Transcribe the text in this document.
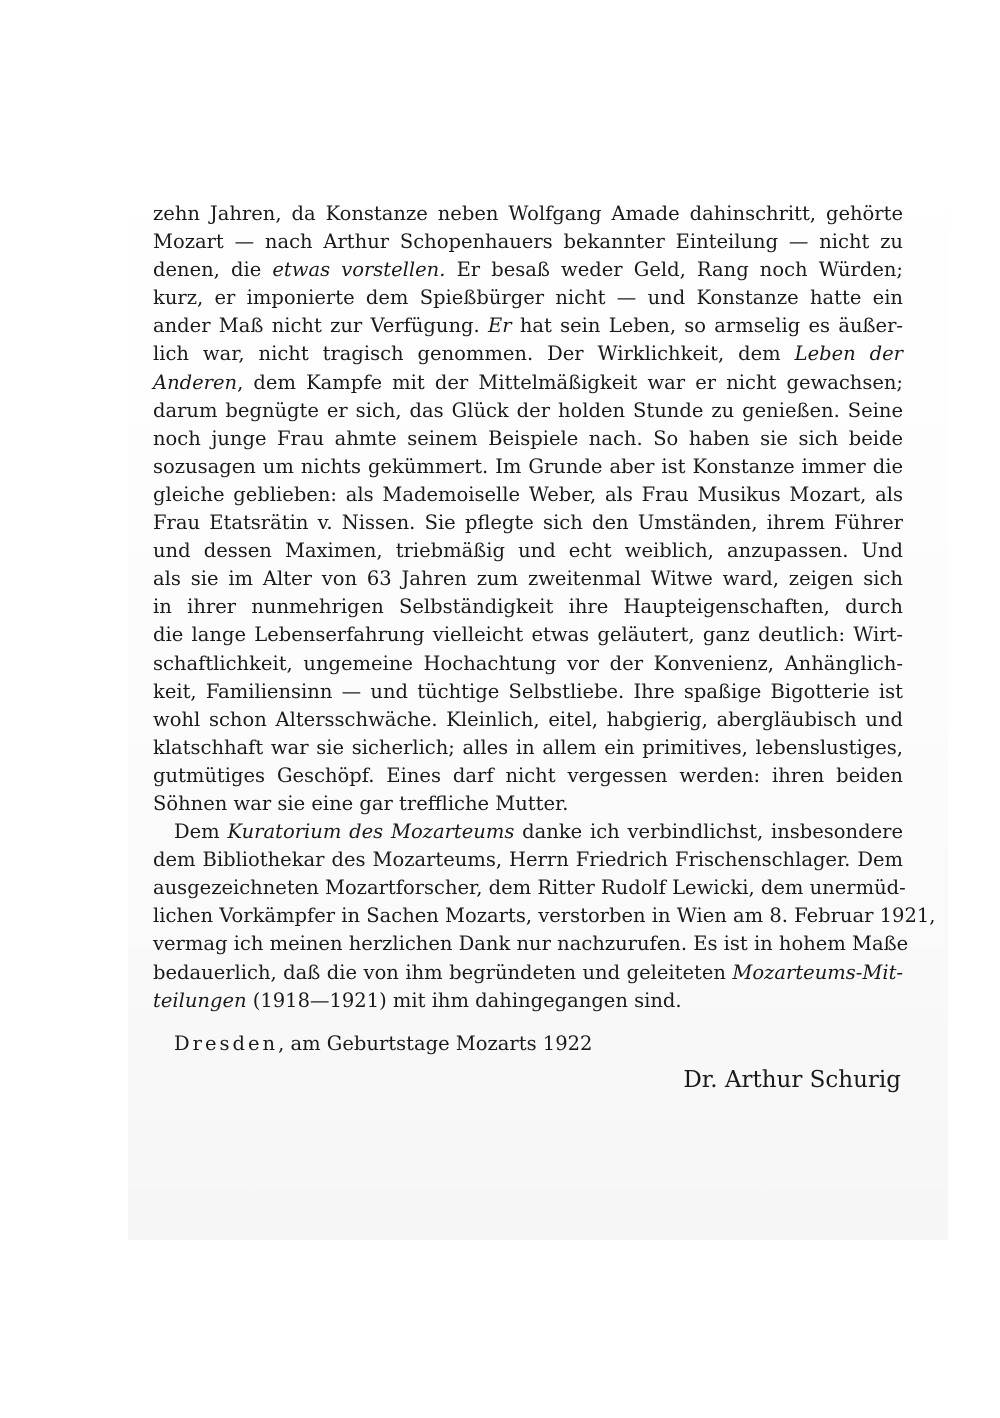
zehn Jahren, da Konstanze neben Wolfgang Amade dahinschritt, gehörte
Mozart — nach Arthur Schopenhauers bekannter Einteilung — nicht zu
denen, die etwas vorstellen. Er besaß weder Geld, Rang noch Würden;
kurz, er imponierte dem Spießbürger nicht — und Konstanze hatte ein
ander Maß nicht zur Verfügung. Er hat sein Leben, so armselig es äußer-
lich war, nicht tragisch genommen. Der Wirklichkeit, dem Leben der
Anderen, dem Kampfe mit der Mittelmäßigkeit war er nicht gewachsen;
darum begnügte er sich, das Glück der holden Stunde zu genießen. Seine
noch junge Frau ahmte seinem Beispiele nach. So haben sie sich beide
sozusagen um nichts gekümmert. Im Grunde aber ist Konstanze immer die
gleiche geblieben: als Mademoiselle Weber, als Frau Musikus Mozart, als
Frau Etatsrätin v. Nissen. Sie pflegte sich den Umständen, ihrem Führer
und dessen Maximen, triebmäßig und echt weiblich, anzupassen. Und
als sie im Alter von 63 Jahren zum zweitenmal Witwe ward, zeigen sich
in ihrer nunmehrigen Selbständigkeit ihre Haupteigenschaften, durch
die lange Lebenserfahrung vielleicht etwas geläutert, ganz deutlich: Wirt-
schaftlichkeit, ungemeine Hochachtung vor der Konvenienz, Anhänglich-
keit, Familiensinn — und tüchtige Selbstliebe. Ihre spaßige Bigotterie ist
wohl schon Altersschwäche. Kleinlich, eitel, habgierig, abergläubisch und
klatschhaft war sie sicherlich; alles in allem ein primitives, lebenslustiges,
gutmütiges Geschöpf. Eines darf nicht vergessen werden: ihren beiden
Söhnen war sie eine gar treffliche Mutter.
Dem Kuratorium des Mozarteums danke ich verbindlichst, insbesondere
dem Bibliothekar des Mozarteums, Herrn Friedrich Frischenschlager. Dem
ausgezeichneten Mozartforscher, dem Ritter Rudolf Lewicki, dem unermüd-
lichen Vorkämpfer in Sachen Mozarts, verstorben in Wien am 8. Februar 1921,
vermag ich meinen herzlichen Dank nur nachzurufen. Es ist in hohem Maße
bedauerlich, daß die von ihm begründeten und geleiteten Mozarteums-Mit-
teilungen (1918—1921) mit ihm dahingegangen sind.
Dresden, am Geburtstage Mozarts 1922
Dr. Arthur Schurig
